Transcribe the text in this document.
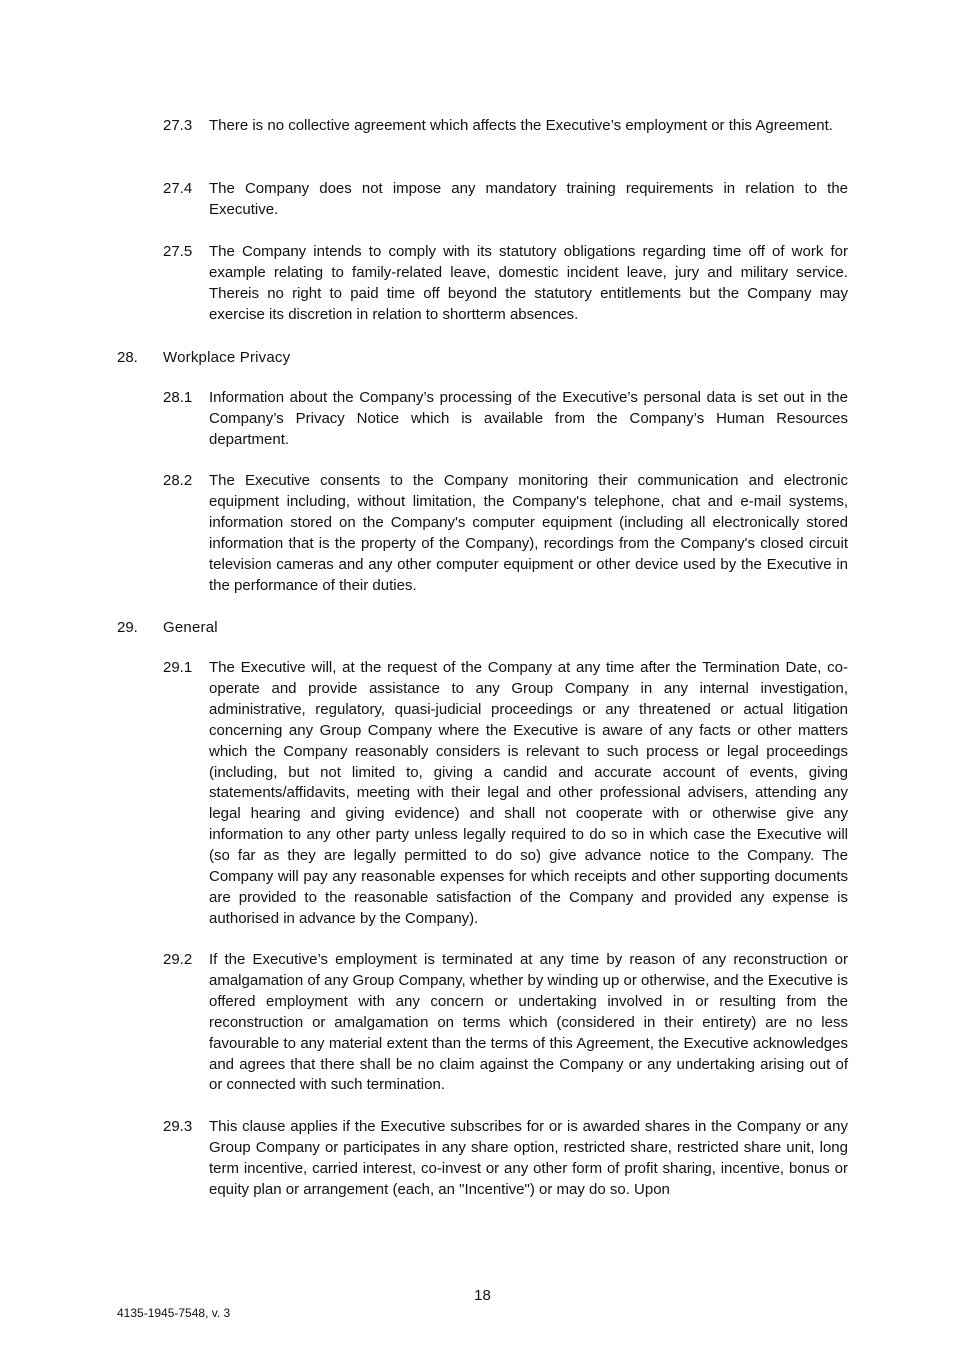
27.3 There is no collective agreement which affects the Executive’s employment or this Agreement.
27.4 The Company does not impose any mandatory training requirements in relation to the Executive.
27.5 The Company intends to comply with its statutory obligations regarding time off of work for example relating to family-related leave, domestic incident leave, jury and military service. Thereis no right to paid time off beyond the statutory entitlements but the Company may exercise its discretion in relation to shortterm absences.
28. Workplace Privacy
28.1 Information about the Company’s processing of the Executive’s personal data is set out in the Company’s Privacy Notice which is available from the Company’s Human Resources department.
28.2 The Executive consents to the Company monitoring their communication and electronic equipment including, without limitation, the Company's telephone, chat and e-mail systems, information stored on the Company's computer equipment (including all electronically stored information that is the property of the Company), recordings from the Company's closed circuit television cameras and any other computer equipment or other device used by the Executive in the performance of their duties.
29. General
29.1 The Executive will, at the request of the Company at any time after the Termination Date, co-operate and provide assistance to any Group Company in any internal investigation, administrative, regulatory, quasi-judicial proceedings or any threatened or actual litigation concerning any Group Company where the Executive is aware of any facts or other matters which the Company reasonably considers is relevant to such process or legal proceedings (including, but not limited to, giving a candid and accurate account of events, giving statements/affidavits, meeting with their legal and other professional advisers, attending any legal hearing and giving evidence) and shall not cooperate with or otherwise give any information to any other party unless legally required to do so in which case the Executive will (so far as they are legally permitted to do so) give advance notice to the Company. The Company will pay any reasonable expenses for which receipts and other supporting documents are provided to the reasonable satisfaction of the Company and provided any expense is authorised in advance by the Company).
29.2 If the Executive’s employment is terminated at any time by reason of any reconstruction or amalgamation of any Group Company, whether by winding up or otherwise, and the Executive is offered employment with any concern or undertaking involved in or resulting from the reconstruction or amalgamation on terms which (considered in their entirety) are no less favourable to any material extent than the terms of this Agreement, the Executive acknowledges and agrees that there shall be no claim against the Company or any undertaking arising out of or connected with such termination.
29.3 This clause applies if the Executive subscribes for or is awarded shares in the Company or any Group Company or participates in any share option, restricted share, restricted share unit, long term incentive, carried interest, co-invest or any other form of profit sharing, incentive, bonus or equity plan or arrangement (each, an "Incentive") or may do so. Upon
18
4135-1945-7548, v. 3
